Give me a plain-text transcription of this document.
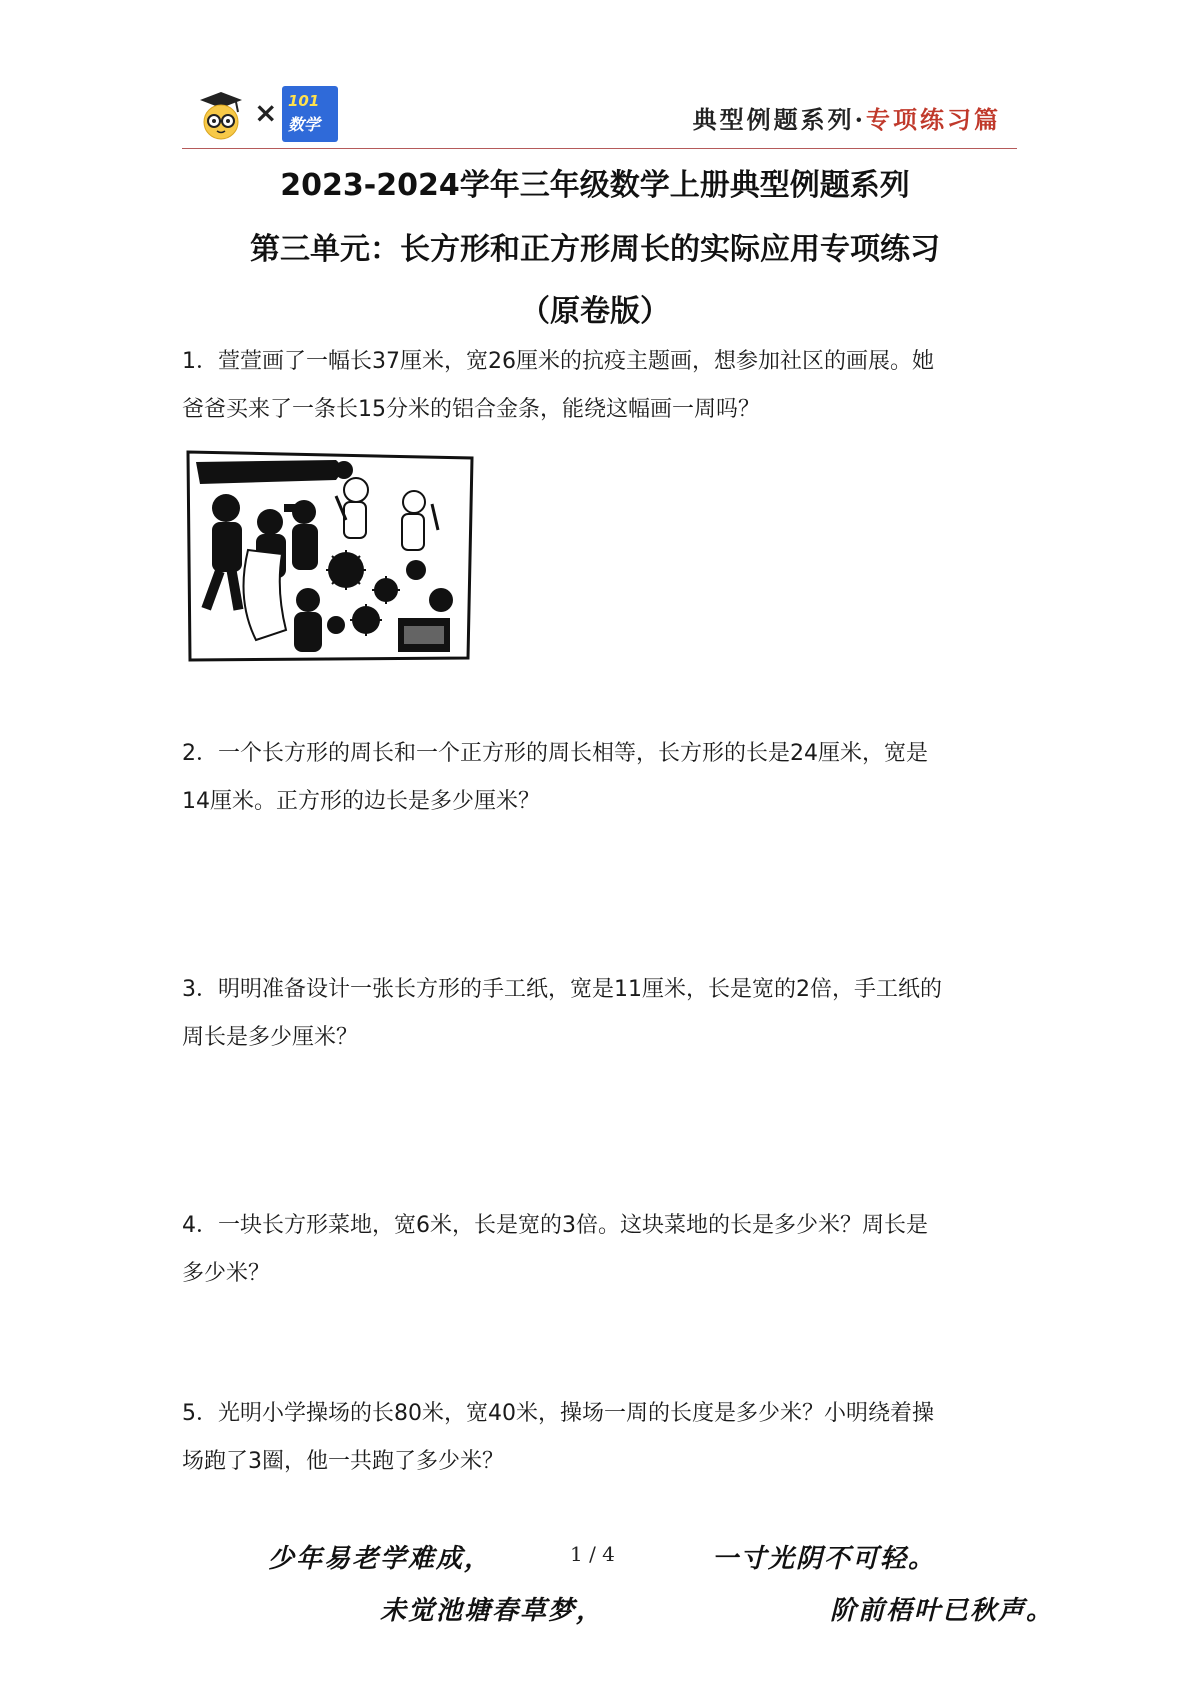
× 101
数学	典型例题系列·专项练习篇
2023-2024学年三年级数学上册典型例题系列
第三单元：长方形和正方形周长的实际应用专项练习
（原卷版）
1．萱萱画了一幅长37厘米，宽26厘米的抗疫主题画，想参加社区的画展。她
爸爸买来了一条长15分米的铝合金条，能绕这幅画一周吗？
2．一个长方形的周长和一个正方形的周长相等，长方形的长是24厘米，宽是
14厘米。正方形的边长是多少厘米？
3．明明准备设计一张长方形的手工纸，宽是11厘米，长是宽的2倍，手工纸的
周长是多少厘米？
4．一块长方形菜地，宽6米，长是宽的3倍。这块菜地的长是多少米？周长是
多少米？
5．光明小学操场的长80米，宽40米，操场一周的长度是多少米？小明绕着操
场跑了3圈，他一共跑了多少米？
少年易老学难成，	1 / 4	一寸光阴不可轻。
未觉池塘春草梦，	阶前梧叶已秋声。
